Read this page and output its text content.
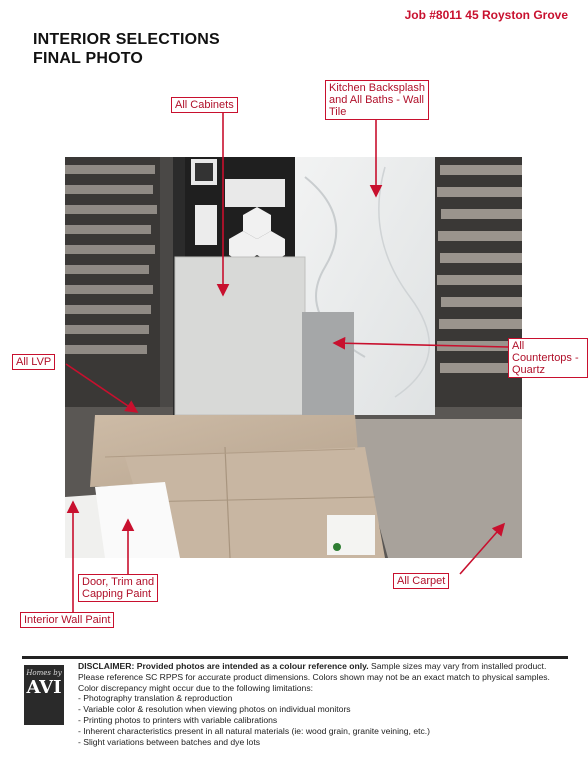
Job #8011 45 Royston Grove
INTERIOR SELECTIONS
FINAL PHOTO
All Cabinets
Kitchen Backsplash
and All Baths - Wall
Tile
All Countertops -
Quartz
All LVP
Door, Trim and
Capping Paint
All Carpet
Interior Wall Paint
Homes by
AVI
DISCLAIMER: Provided photos are intended as a colour reference only. Sample sizes may vary from installed product. Please reference SC RPPS for accurate product dimensions. Colors shown may not be an exact match to physical samples. Color discrepancy might occur due to the following limitations:
- Photography translation & reproduction
- Variable color & resolution when viewing photos on individual monitors
- Printing photos to printers with variable calibrations
- Inherent characteristics present in all natural materials (ie: wood grain, granite veining, etc.)
- Slight variations between batches and dye lots
